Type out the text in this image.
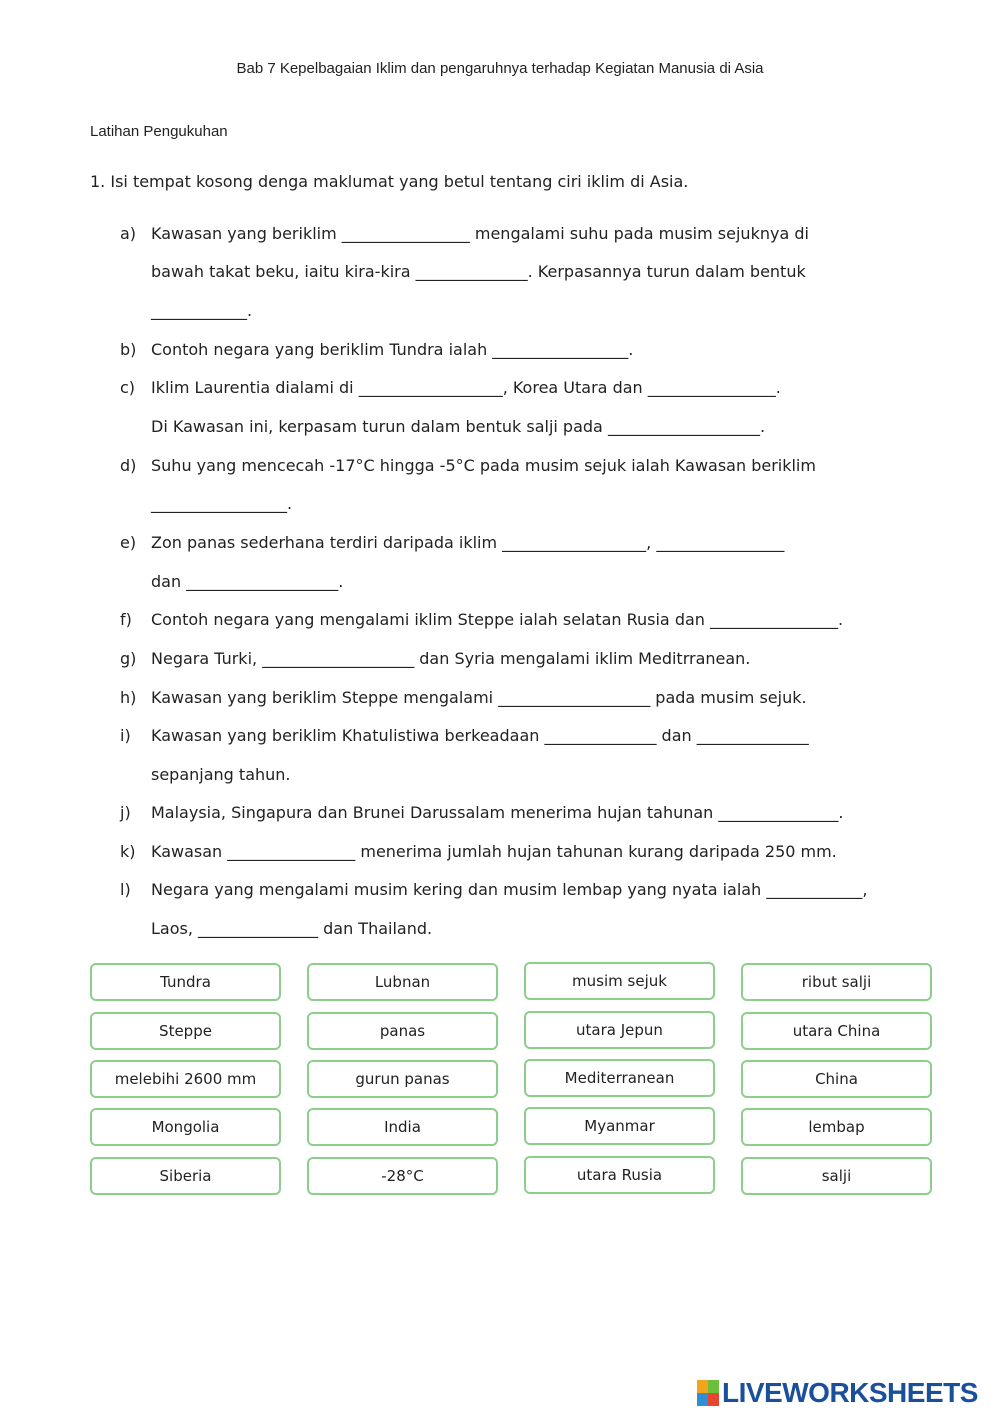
Bab 7 Kepelbagaian Iklim dan pengaruhnya terhadap Kegiatan Manusia di Asia
Latihan Pengukuhan
1. Isi tempat kosong denga maklumat yang betul tentang ciri iklim di Asia.
a) Kawasan yang beriklim ________________ mengalami suhu pada musim sejuknya di
bawah takat beku, iaitu kira-kira ______________. Kerpasannya turun dalam bentuk
____________.
b) Contoh negara yang beriklim Tundra ialah _________________.
c) Iklim Laurentia dialami di __________________, Korea Utara dan ________________.
Di Kawasan ini, kerpasam turun dalam bentuk salji pada ___________________.
d) Suhu yang mencecah -17°C hingga -5°C pada musim sejuk ialah Kawasan beriklim
_________________.
e) Zon panas sederhana terdiri daripada iklim __________________, ________________
dan ___________________.
f)	Contoh negara yang mengalami iklim Steppe ialah selatan Rusia dan ________________.
g) Negara Turki, ___________________ dan Syria mengalami iklim Meditrranean.
h) Kawasan yang beriklim Steppe mengalami ___________________ pada musim sejuk.
i)	Kawasan yang beriklim Khatulistiwa berkeadaan ______________ dan ______________
sepanjang tahun.
j)	Malaysia, Singapura dan Brunei Darussalam menerima hujan tahunan _______________.
k) Kawasan ________________ menerima jumlah hujan tahunan kurang daripada 250 mm.
l)	Negara yang mengalami musim kering dan musim lembap yang nyata ialah ____________,
Laos, _______________ dan Thailand.
Tundra	Lubnan	musim sejuk	ribut salji
Steppe	panas	utara Jepun	utara China
melebihi 2600 mm	gurun panas	Mediterranean	China
Mongolia	India	Myanmar	lembap
Siberia	-28°C	utara Rusia	salji
LIVEWORKSHEETS
